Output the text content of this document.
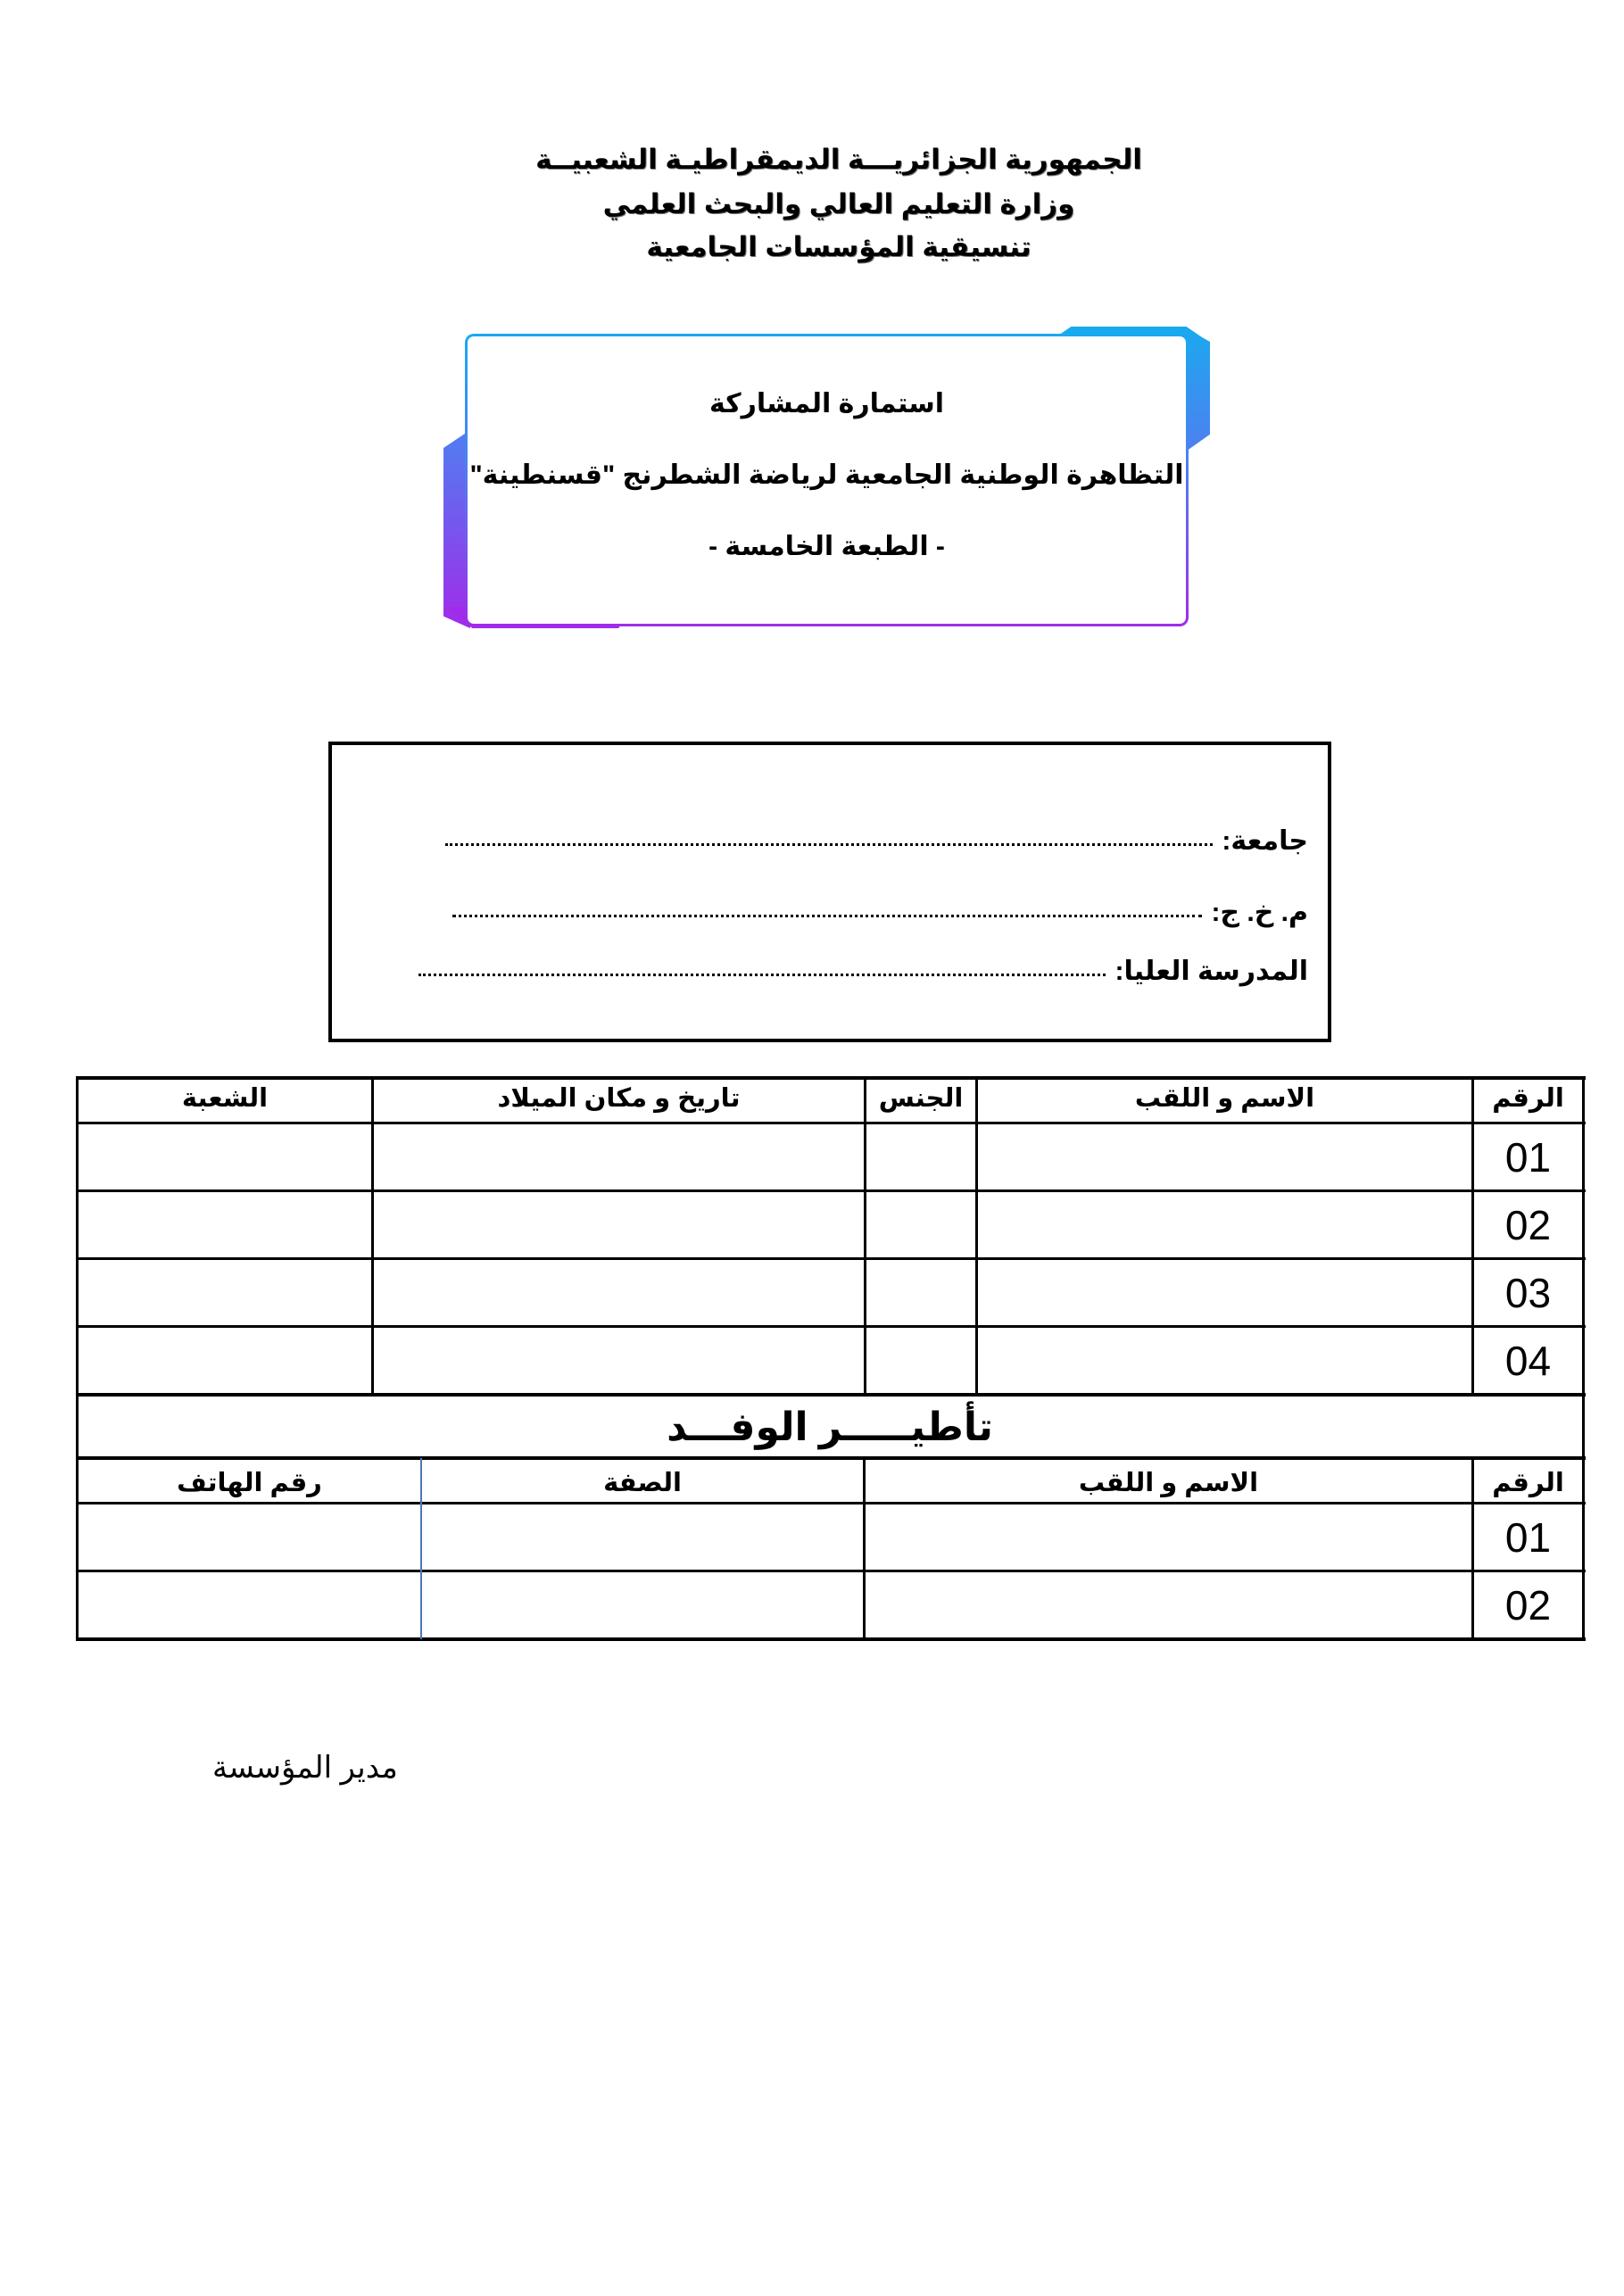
الجمهورية الجزائريـــة الديمقراطيـة الشعبيــة
وزارة التعليم العالي والبحث العلمي
تنسيقية المؤسسات الجامعية
استمارة المشاركة
التظاهرة الوطنية الجامعية لرياضة الشطرنج "قسنطينة"
- الطبعة الخامسة -
جامعة:
م. خ. ج:
المدرسة العليا:
الرقم
الاسم و اللقب
الجنس
تاريخ و مكان الميلاد
الشعبة
01
02
03
04
تأطيـــــر الوفـــد
الرقم
الاسم و اللقب
الصفة
رقم الهاتف
01
02
مدير المؤسسة
